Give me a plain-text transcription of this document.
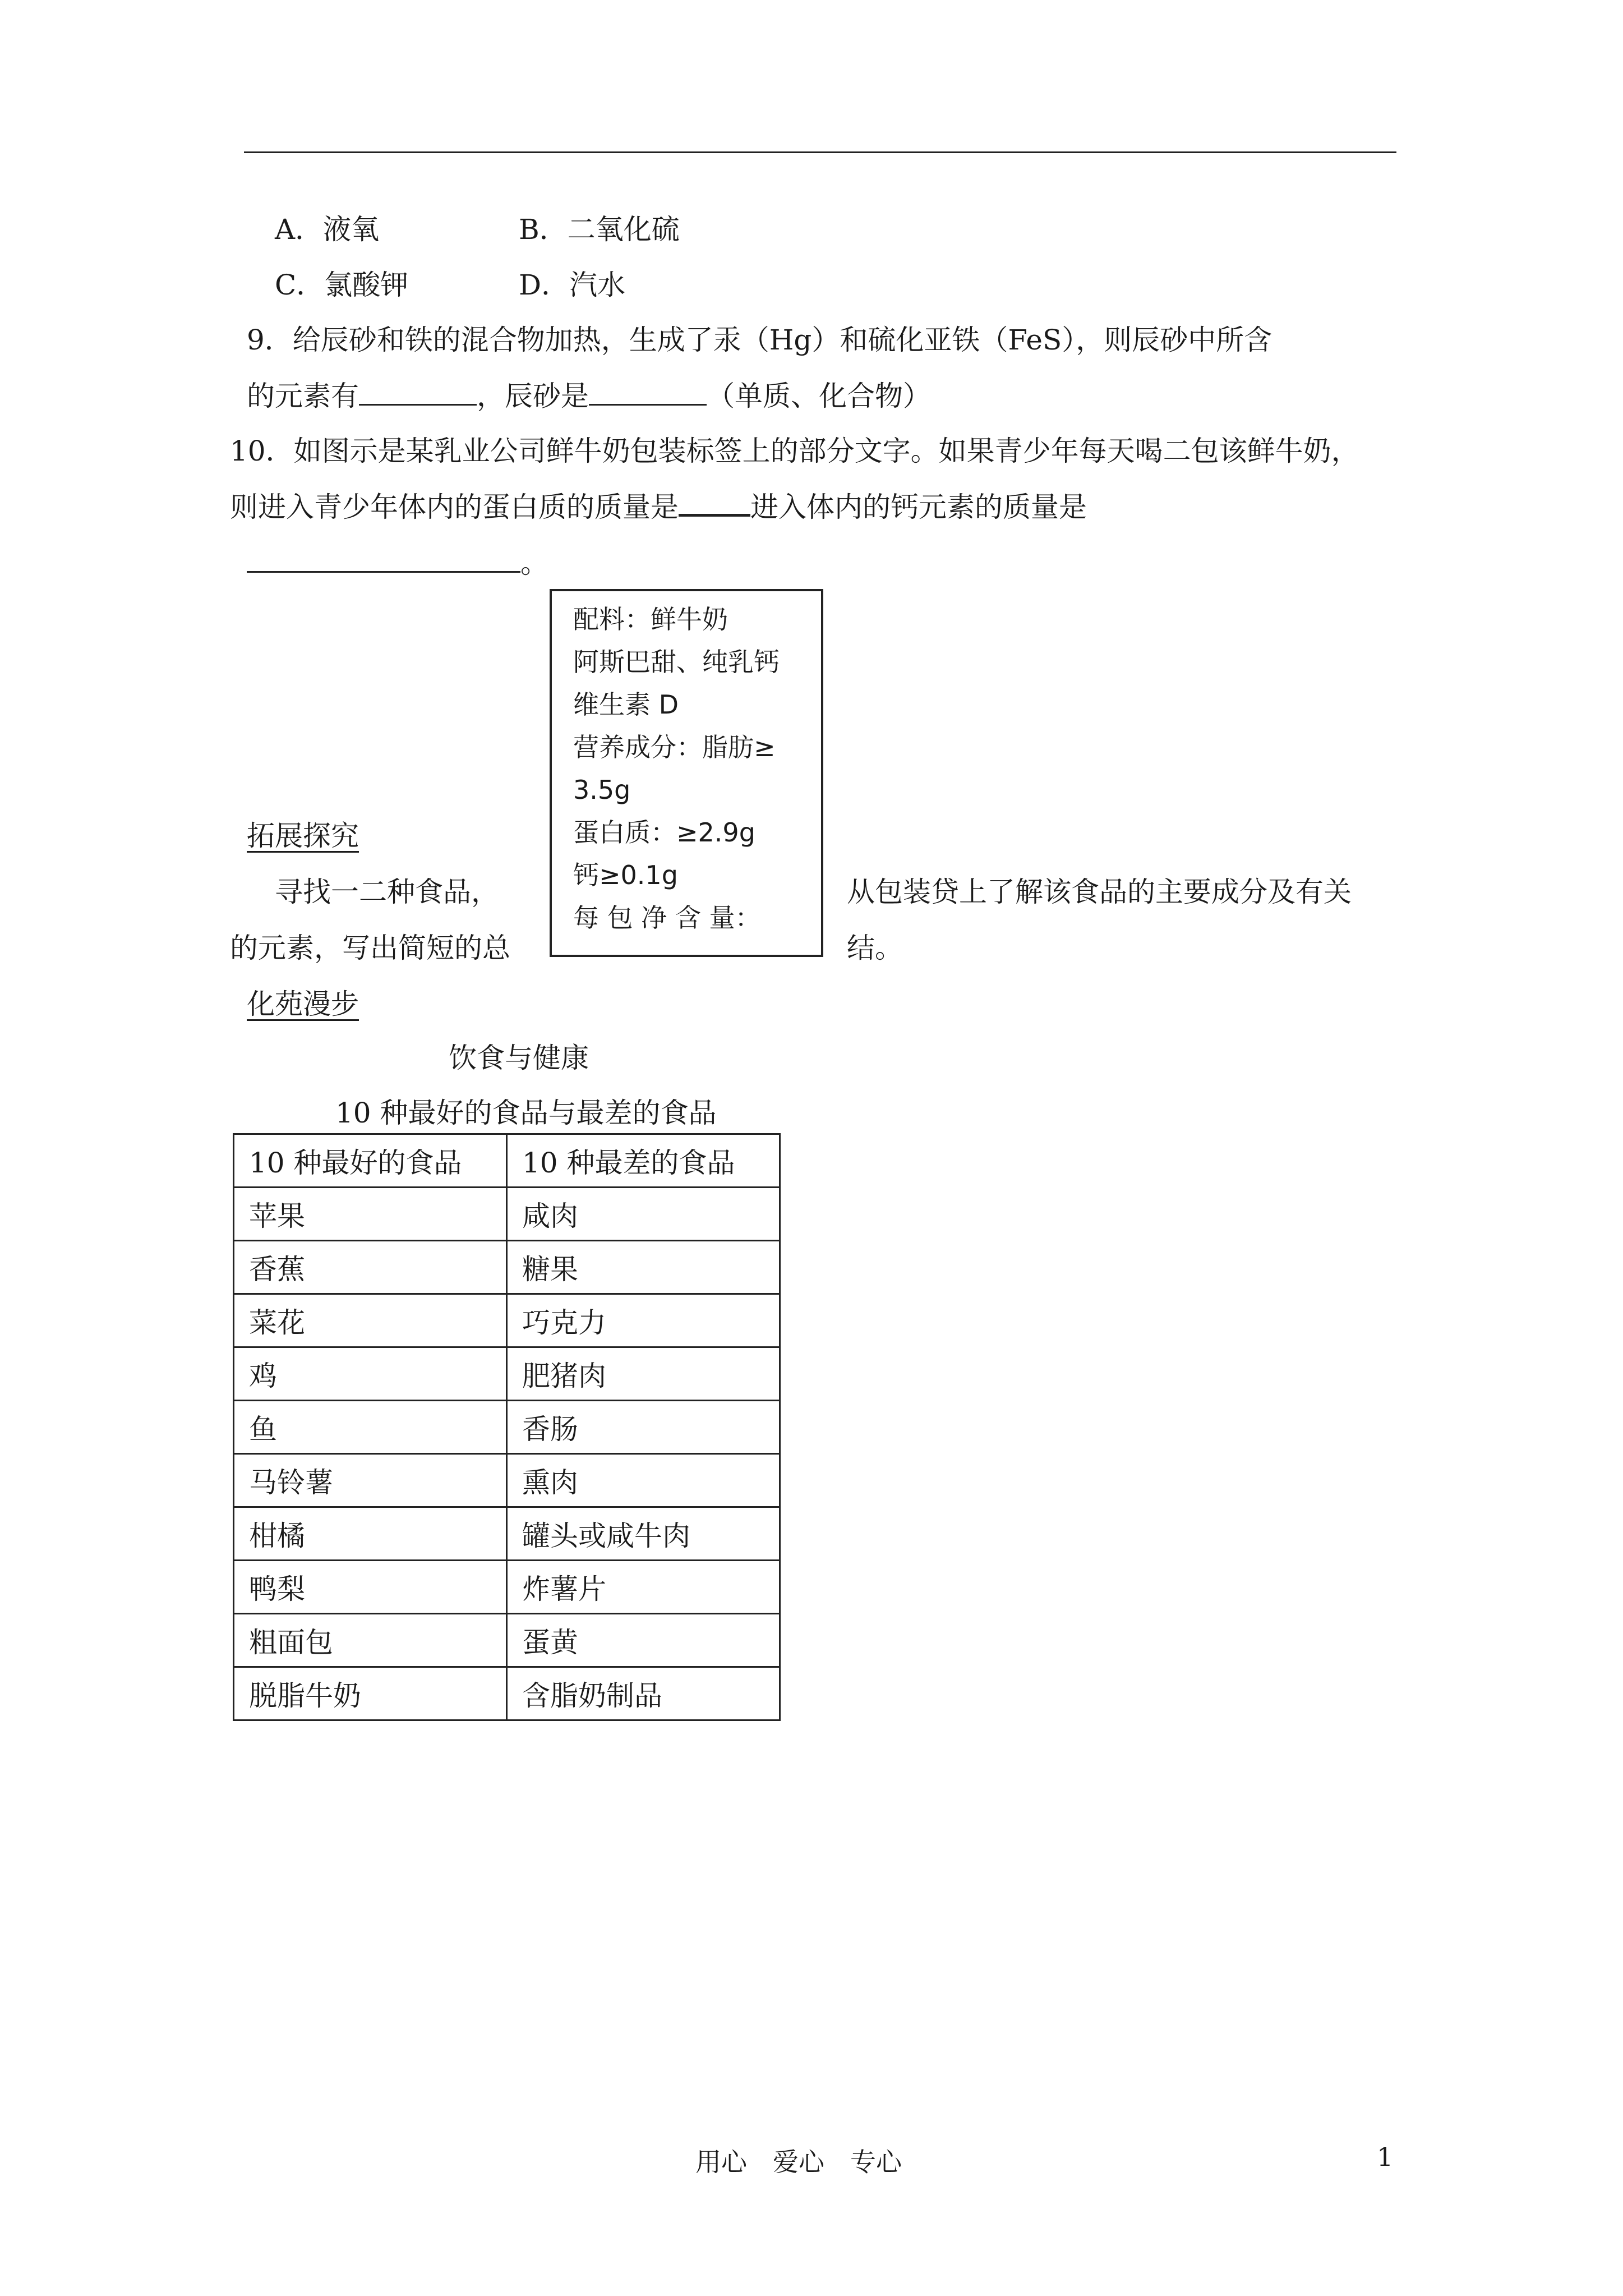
A．液氧	B．二氧化硫
C．氯酸钾	D．汽水
9．给辰砂和铁的混合物加热，生成了汞（Hg）和硫化亚铁（FeS），则辰砂中所含
的元素有	，辰砂是	（单质、化合物）
10．如图示是某乳业公司鲜牛奶包装标签上的部分文字。如果青少年每天喝二包该鲜牛奶，
则进入青少年体内的蛋白质的质量是	进入体内的钙元素的质量是
。
配料：鲜牛奶
阿斯巴甜、纯乳钙
维生素 D
营养成分：脂肪≥
3.5g
蛋白质：≥2.9g
钙≥0.1g
每 包 净 含 量：
拓展探究
寻找一二种食品，	从包装贷上了解该食品的主要成分及有关
的元素，写出简短的总	结。
化苑漫步
饮食与健康
10 种最好的食品与最差的食品
10 种最好的食品	10 种最差的食品
苹果	咸肉
香蕉	糖果
菜花	巧克力
鸡	肥猪肉
鱼	香肠
马铃薯	熏肉
柑橘	罐头或咸牛肉
鸭梨	炸薯片
粗面包	蛋黄
脱脂牛奶	含脂奶制品
用心　爱心　专心	1
